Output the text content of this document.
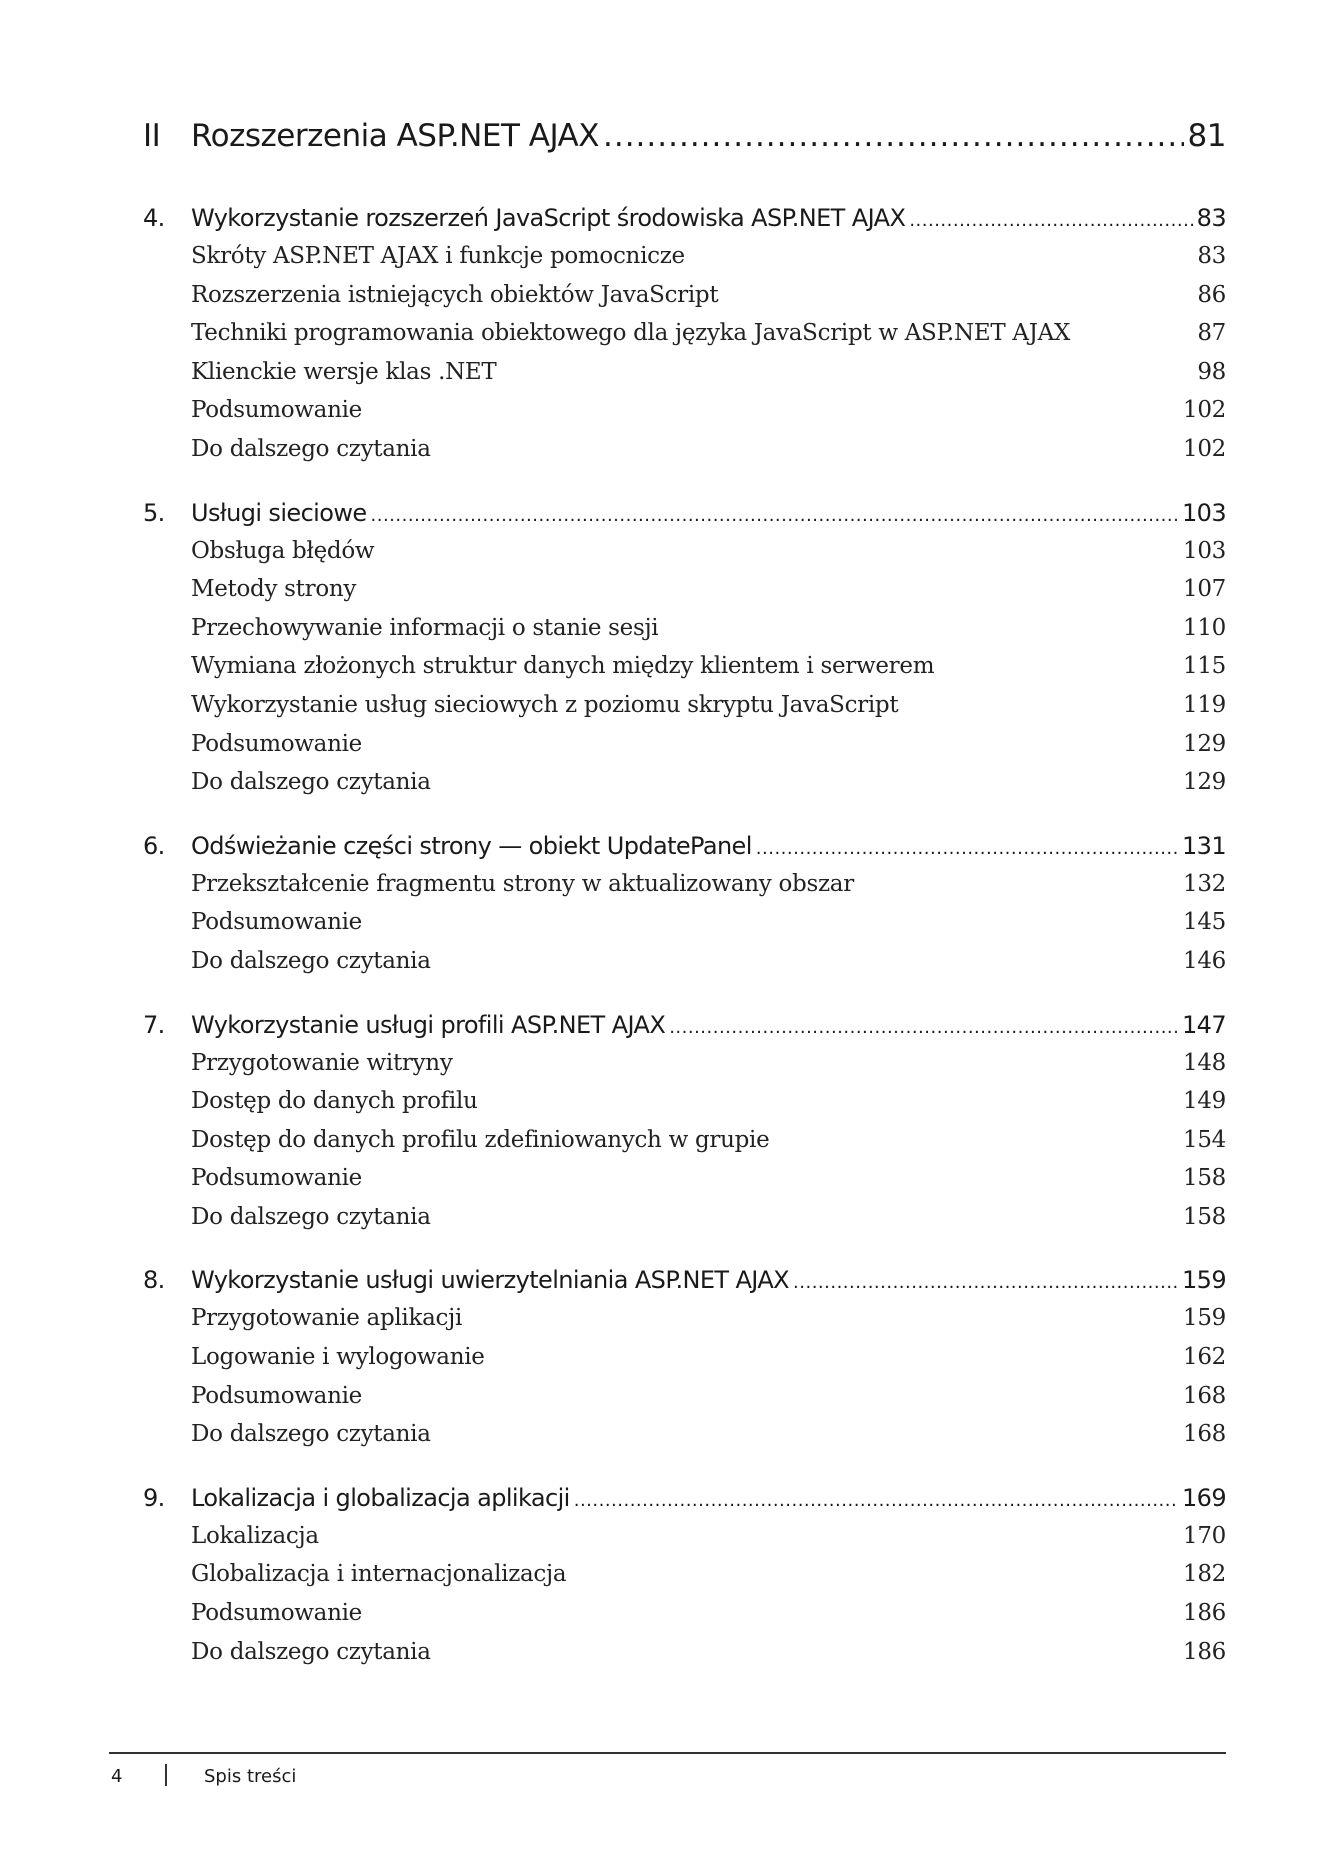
II Rozszerzenia ASP.NET AJAX .....	81
4.	Wykorzystanie rozszerzeń JavaScript środowiska ASP.NET AJAX .....	83
Skróty ASP.NET AJAX i funkcje pomocnicze	83
Rozszerzenia istniejących obiektów JavaScript	86
Techniki programowania obiektowego dla języka JavaScript w ASP.NET AJAX	87
Klienckie wersje klas .NET	98
Podsumowanie	102
Do dalszego czytania	102
5.	Usługi sieciowe .....	103
Obsługa błędów	103
Metody strony	107
Przechowywanie informacji o stanie sesji	110
Wymiana złożonych struktur danych między klientem i serwerem	115
Wykorzystanie usług sieciowych z poziomu skryptu JavaScript	119
Podsumowanie	129
Do dalszego czytania	129
6.	Odświeżanie części strony — obiekt UpdatePanel .....	131
Przekształcenie fragmentu strony w aktualizowany obszar	132
Podsumowanie	145
Do dalszego czytania	146
7.	Wykorzystanie usługi profili ASP.NET AJAX .....	147
Przygotowanie witryny	148
Dostęp do danych profilu	149
Dostęp do danych profilu zdefiniowanych w grupie	154
Podsumowanie	158
Do dalszego czytania	158
8.	Wykorzystanie usługi uwierzytelniania ASP.NET AJAX .....	159
Przygotowanie aplikacji	159
Logowanie i wylogowanie	162
Podsumowanie	168
Do dalszego czytania	168
9.	Lokalizacja i globalizacja aplikacji .....	169
Lokalizacja	170
Globalizacja i internacjonalizacja	182
Podsumowanie	186
Do dalszego czytania	186
4	Spis treści
